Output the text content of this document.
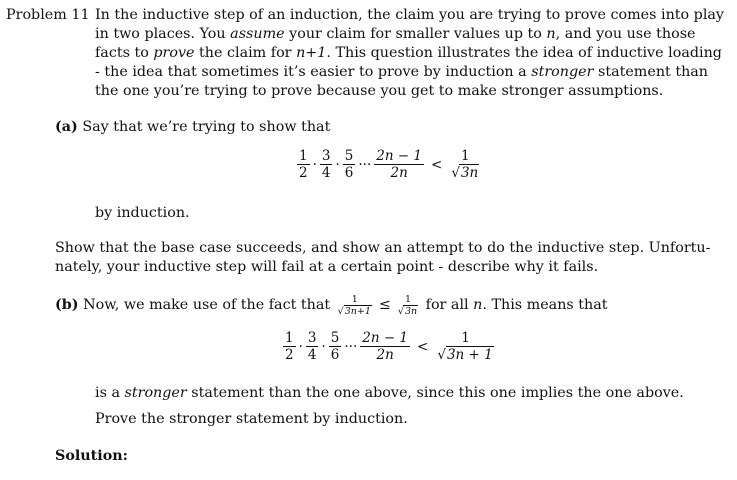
Problem 11 In the inductive step of an induction, the claim you are trying to prove comes into play
in two places. You assume your claim for smaller values up to n, and you use those
facts to prove the claim for n+1. This question illustrates the idea of inductive loading
- the idea that sometimes it’s easier to prove by induction a stronger statement than
the one you’re trying to prove because you get to make stronger assumptions.
(a) Say that we’re trying to show that
$\frac{1}{2} \cdot \frac{3}{4} \cdot \frac{5}{6}$ ··· $\frac{2n - 1}{2n} < \frac{1}{√3n}$
by induction.
Show that the base case succeeds, and show an attempt to do the inductive step. Unfortu-
nately, your inductive step will fail at a certain point - describe why it fails.
(b)
Now, we make use of the fact that
$\frac{1}{√3n+1} \le \frac{1}{√3n}$
for all
n . This means that
$\frac{1}{2} \cdot \frac{3}{4} \cdot \frac{5}{6}$ ··· $\frac{2n - 1}{2n} < \frac{1}{√3n + 1}$
is a stronger statement than the one above, since this one implies the one above.
Prove the stronger statement by induction.
Solution:
